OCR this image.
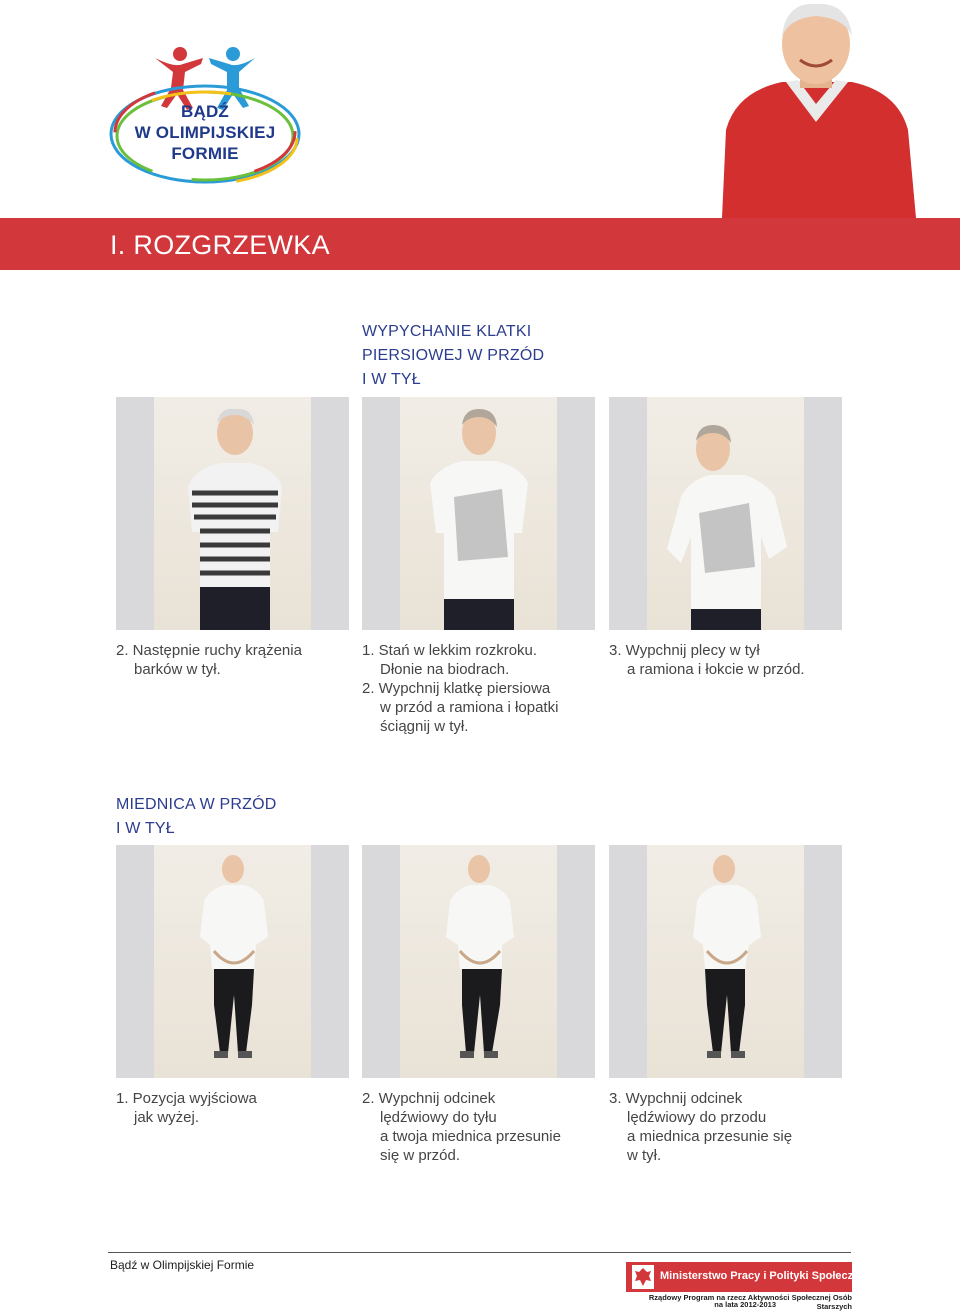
BĄDŹ
W OLIMPIJSKIEJ
FORMIE
I. ROZGRZEWKA
WYPYCHANIE KLATKI
PIERSIOWEJ W PRZÓD
I W TYŁ
2. Następnie ruchy krążenia
barków w tył.
1. Stań w lekkim rozkroku.
Dłonie na biodrach.
2. Wypchnij klatkę piersiowa
w przód a ramiona i łopatki
ściągnij w tył.
3. Wypchnij plecy w tył
a ramiona i łokcie w przód.
MIEDNICA W PRZÓD
I W TYŁ
1. Pozycja wyjściowa
jak wyżej.
2. Wypchnij odcinek
lędźwiowy do tyłu
a twoja miednica przesunie
się w przód.
3. Wypchnij odcinek
lędźwiowy do przodu
a miednica przesunie się
w tył.
Bądź w Olimpijskiej Formie
Ministerstwo Pracy i Polityki Społecznej
Rządowy Program na rzecz Aktywności Społecznej Osób Starszych
na lata 2012-2013
